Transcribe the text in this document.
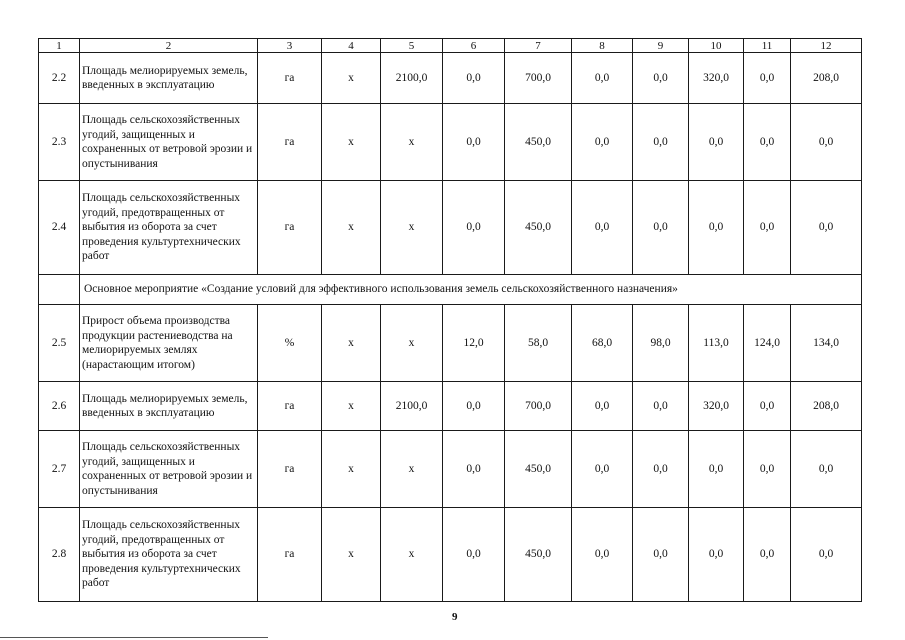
1	2	3	4	5	6	7	8	9	10	11	12
2.2	Площадь мелиорируемых земель, введенных в эксплуатацию	га	х	2100,0	0,0	700,0	0,0	0,0	320,0	0,0	208,0
2.3	Площадь сельскохозяйственных угодий, защищенных и сохраненных от ветровой эрозии и опустынивания	га	х	х	0,0	450,0	0,0	0,0	0,0	0,0	0,0
2.4	Площадь сельскохозяйственных угодий, предотвращенных от выбытия из оборота за счет проведения культуртехнических работ	га	х	х	0,0	450,0	0,0	0,0	0,0	0,0	0,0
	Основное мероприятие «Создание условий для эффективного использования земель сельскохозяйственного назначения»										
2.5	Прирост объема производства продукции растениеводства на мелиорируемых землях (нарастающим итогом)	%	х	х	12,0	58,0	68,0	98,0	113,0	124,0	134,0
2.6	Площадь мелиорируемых земель, введенных в эксплуатацию	га	х	2100,0	0,0	700,0	0,0	0,0	320,0	0,0	208,0
2.7	Площадь сельскохозяйственных угодий, защищенных и сохраненных от ветровой эрозии и опустынивания	га	х	х	0,0	450,0	0,0	0,0	0,0	0,0	0,0
2.8	Площадь сельскохозяйственных угодий, предотвращенных от выбытия из оборота за счет проведения культуртехнических работ	га	х	х	0,0	450,0	0,0	0,0	0,0	0,0	0,0
9
